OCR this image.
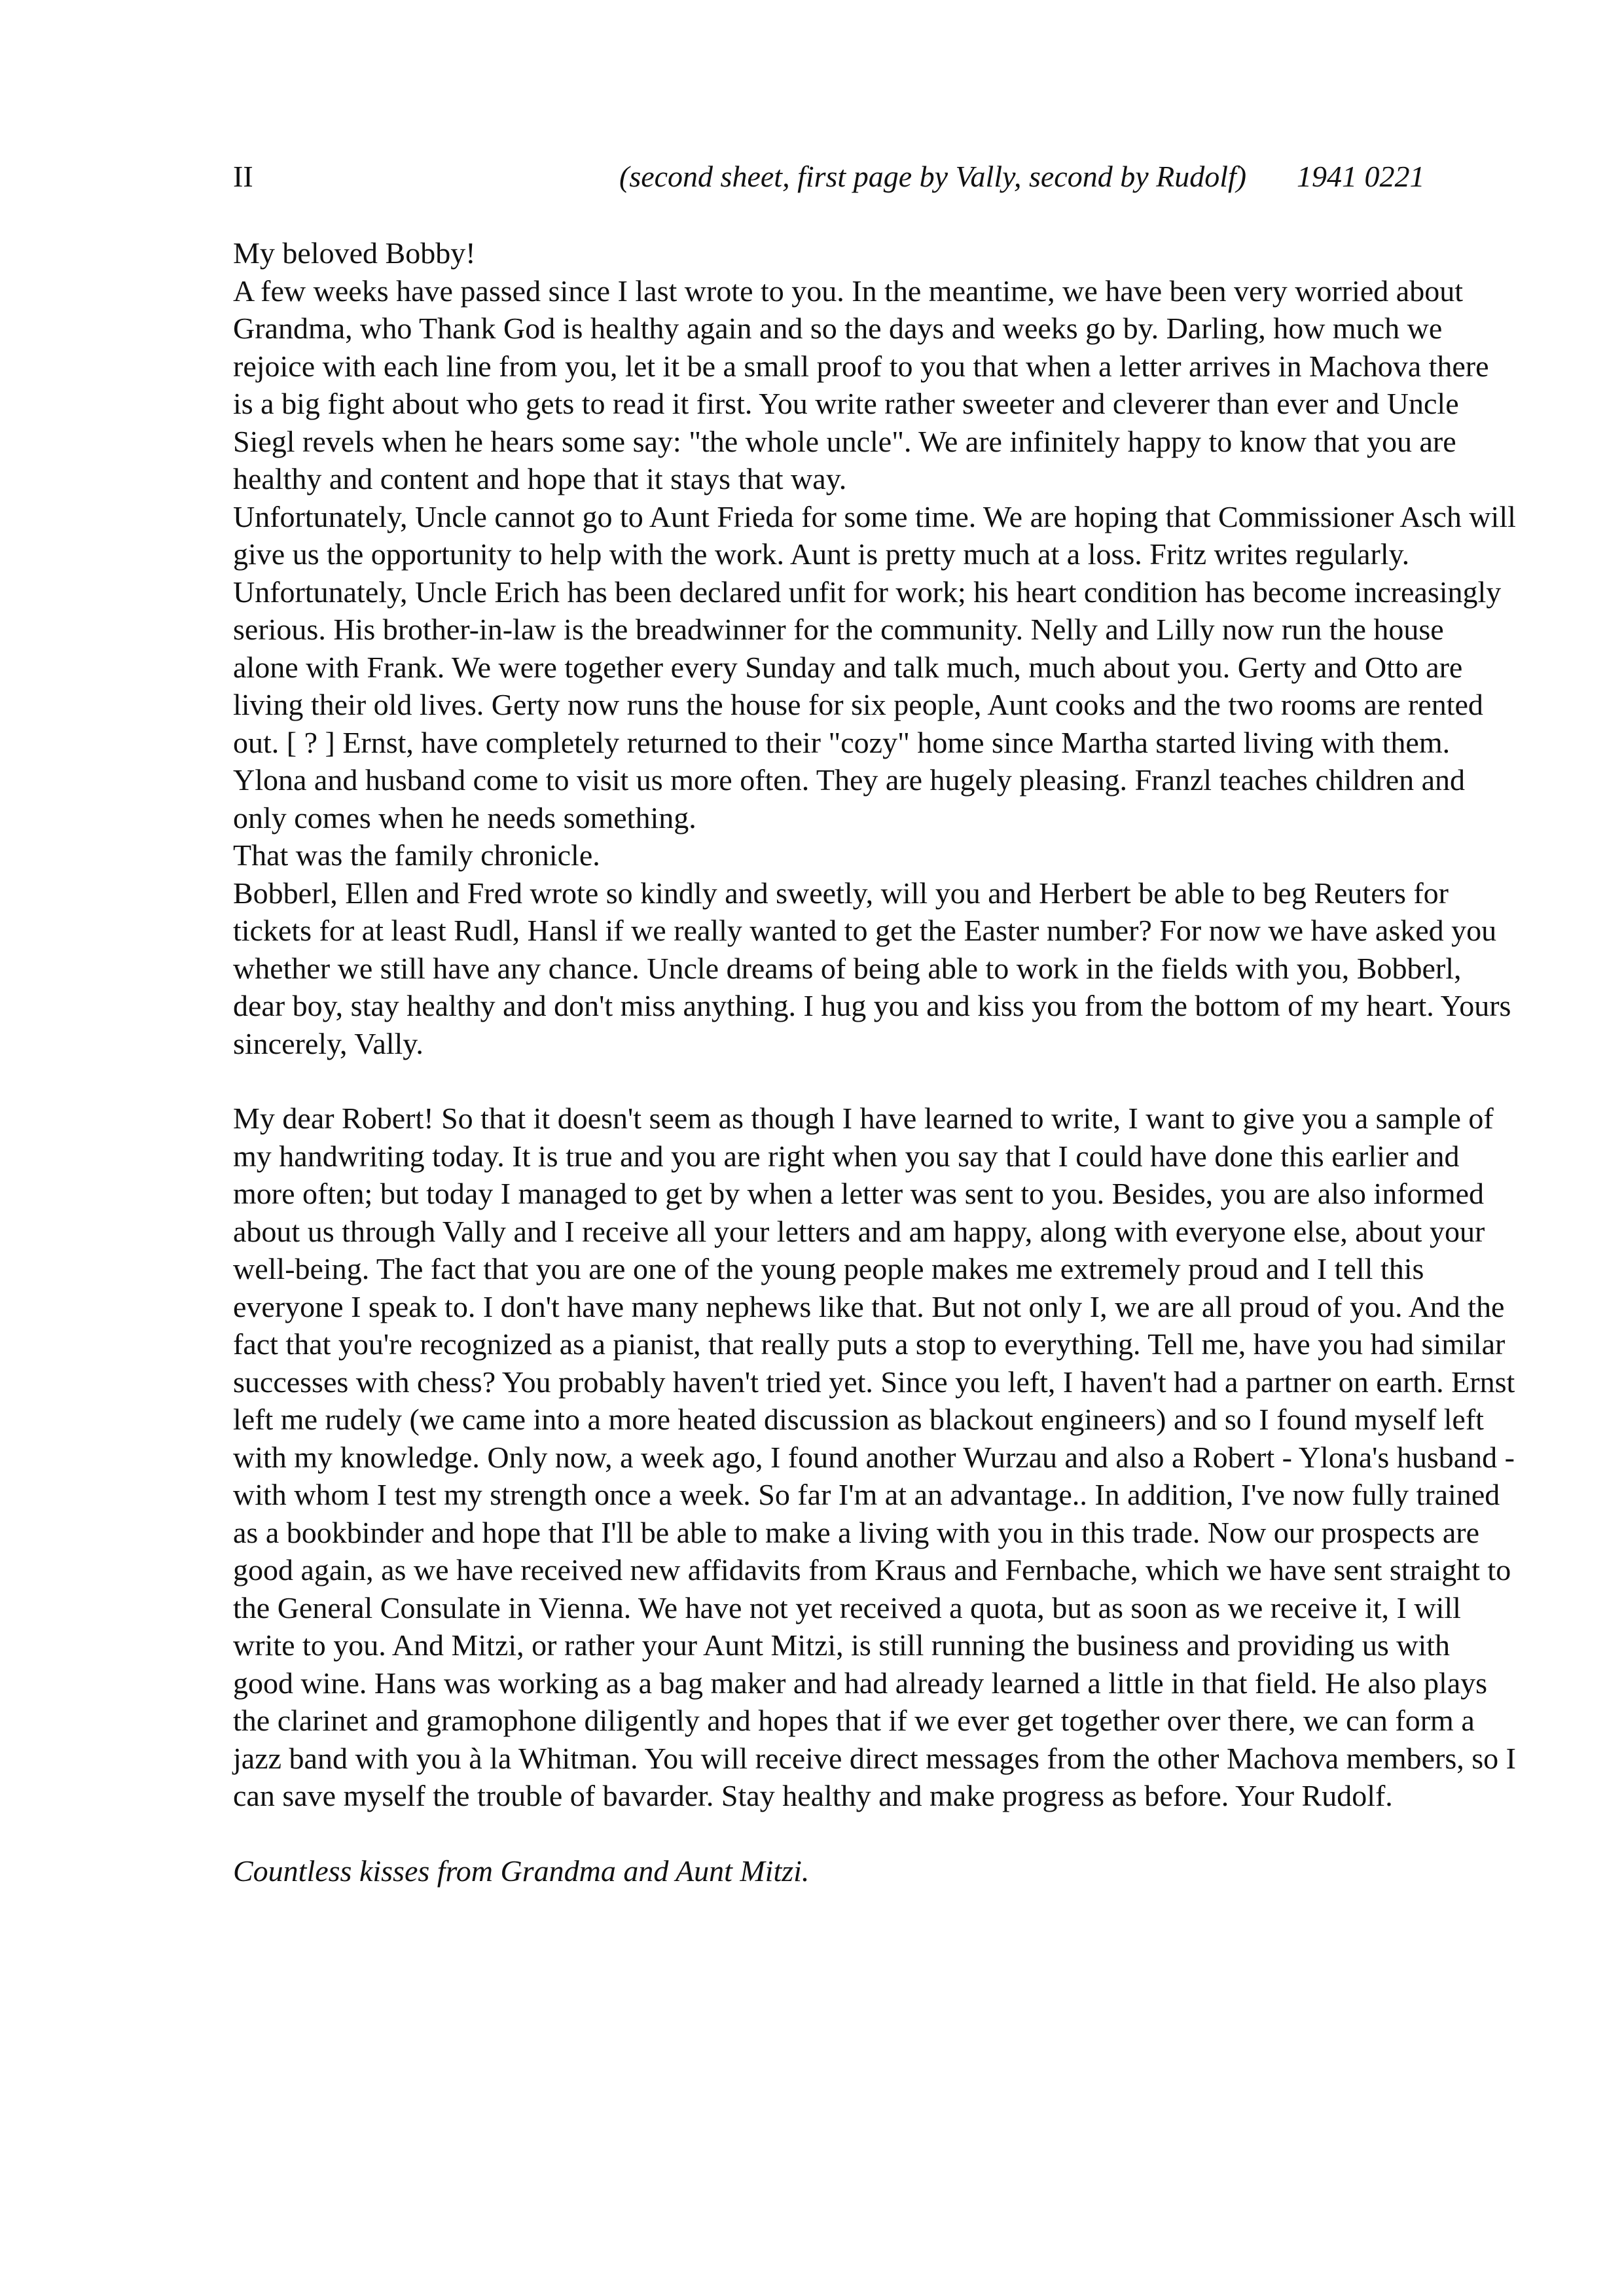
II	(second sheet, first page by Vally, second by Rudolf) 1941 0221

My beloved Bobby!

A few weeks have passed since I last wrote to you. In the meantime, we have been very worried about Grandma, who Thank God is healthy again and so the days and weeks go by. Darling, how much we rejoice with each line from you, let it be a small proof to you that when a letter arrives in Machova there is a big fight about who gets to read it first. You write rather sweeter and cleverer than ever and Uncle Siegl revels when he hears some say: "the whole uncle". We are infinitely happy to know that you are healthy and content and hope that it stays that way.

Unfortunately, Uncle cannot go to Aunt Frieda for some time. We are hoping that Commissioner Asch will give us the opportunity to help with the work. Aunt is pretty much at a loss. Fritz writes regularly. Unfortunately, Uncle Erich has been declared unfit for work; his heart condition has become increasingly serious. His brother-in-law is the breadwinner for the community. Nelly and Lilly now run the house alone with Frank. We were together every Sunday and talk much, much about you. Gerty and Otto are living their old lives. Gerty now runs the house for six people, Aunt cooks and the two rooms are rented out. [ ? ] Ernst, have completely returned to their "cozy" home since Martha started living with them. Ylona and husband come to visit us more often. They are hugely pleasing. Franzl teaches children and only comes when he needs something.

That was the family chronicle.

Bobberl, Ellen and Fred wrote so kindly and sweetly, will you and Herbert be able to beg Reuters for tickets for at least Rudl, Hansl if we really wanted to get the Easter number? For now we have asked you whether we still have any chance. Uncle dreams of being able to work in the fields with you, Bobberl, dear boy, stay healthy and don't miss anything. I hug you and kiss you from the bottom of my heart. Yours sincerely, Vally.

My dear Robert! So that it doesn't seem as though I have learned to write, I want to give you a sample of my handwriting today. It is true and you are right when you say that I could have done this earlier and more often; but today I managed to get by when a letter was sent to you. Besides, you are also informed about us through Vally and I receive all your letters and am happy, along with everyone else, about your well-being. The fact that you are one of the young people makes me extremely proud and I tell this everyone I speak to. I don't have many nephews like that. But not only I, we are all proud of you. And the fact that you're recognized as a pianist, that really puts a stop to everything. Tell me, have you had similar successes with chess? You probably haven't tried yet. Since you left, I haven't had a partner on earth. Ernst left me rudely (we came into a more heated discussion as blackout engineers) and so I found myself left with my knowledge. Only now, a week ago, I found another Wurzau and also a Robert - Ylona's husband - with whom I test my strength once a week. So far I'm at an advantage.. In addition, I've now fully trained as a bookbinder and hope that I'll be able to make a living with you in this trade. Now our prospects are good again, as we have received new affidavits from Kraus and Fernbache, which we have sent straight to the General Consulate in Vienna. We have not yet received a quota, but as soon as we receive it, I will write to you. And Mitzi, or rather your Aunt Mitzi, is still running the business and providing us with good wine. Hans was working as a bag maker and had already learned a little in that field. He also plays the clarinet and gramophone diligently and hopes that if we ever get together over there, we can form a jazz band with you à la Whitman. You will receive direct messages from the other Machova members, so I can save myself the trouble of bavarder. Stay healthy and make progress as before. Your Rudolf.

Countless kisses from Grandma and Aunt Mitzi.
